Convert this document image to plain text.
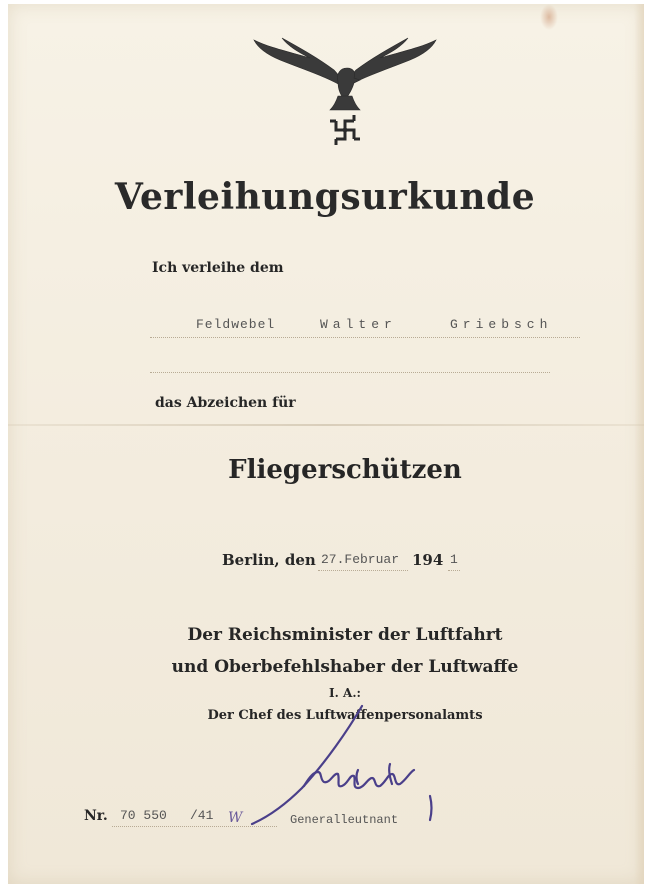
Verleihungsurkunde
Ich verleihe dem
Feldwebel	Walter	Griebsch
das Abzeichen für
Fliegerschützen
Berlin, den 27.Februar 194 1
Der Reichsminister der Luftfahrt
und Oberbefehlshaber der Luftwaffe
I. A.:
Der Chef des Luftwaffenpersonalamts
Generalleutnant
Nr. 70 550 /41 W
